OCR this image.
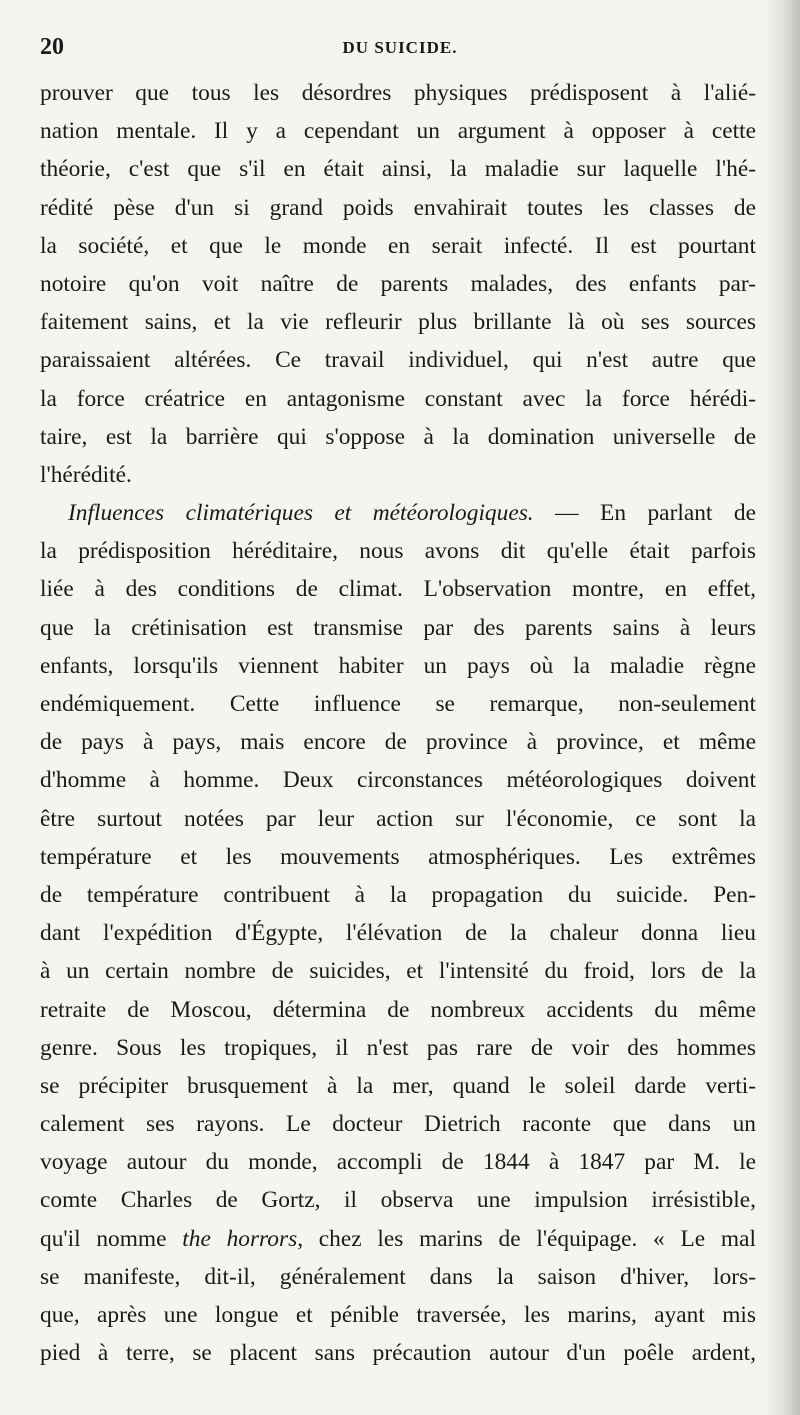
20	DU SUICIDE.
prouver que tous les désordres physiques prédisposent à l'alié-
nation mentale. Il y a cependant un argument à opposer à cette
théorie, c'est que s'il en était ainsi, la maladie sur laquelle l'hé-
rédité pèse d'un si grand poids envahirait toutes les classes de
la société, et que le monde en serait infecté. Il est pourtant
notoire qu'on voit naître de parents malades, des enfants par-
faitement sains, et la vie refleurir plus brillante là où ses sources
paraissaient altérées. Ce travail individuel, qui n'est autre que
la force créatrice en antagonisme constant avec la force hérédi-
taire, est la barrière qui s'oppose à la domination universelle de
l'hérédité.
Influences climatériques et météorologiques. — En parlant de
la prédisposition héréditaire, nous avons dit qu'elle était parfois
liée à des conditions de climat. L'observation montre, en effet,
que la crétinisation est transmise par des parents sains à leurs
enfants, lorsqu'ils viennent habiter un pays où la maladie règne
endémiquement. Cette influence se remarque, non-seulement
de pays à pays, mais encore de province à province, et même
d'homme à homme. Deux circonstances météorologiques doivent
être surtout notées par leur action sur l'économie, ce sont la
température et les mouvements atmosphériques. Les extrêmes
de température contribuent à la propagation du suicide. Pen-
dant l'expédition d'Égypte, l'élévation de la chaleur donna lieu
à un certain nombre de suicides, et l'intensité du froid, lors de la
retraite de Moscou, détermina de nombreux accidents du même
genre. Sous les tropiques, il n'est pas rare de voir des hommes
se précipiter brusquement à la mer, quand le soleil darde verti-
calement ses rayons. Le docteur Dietrich raconte que dans un
voyage autour du monde, accompli de 1844 à 1847 par M. le
comte Charles de Gortz, il observa une impulsion irrésistible,
qu'il nomme the horrors, chez les marins de l'équipage. « Le mal
se manifeste, dit-il, généralement dans la saison d'hiver, lors-
que, après une longue et pénible traversée, les marins, ayant mis
pied à terre, se placent sans précaution autour d'un poêle ardent,
